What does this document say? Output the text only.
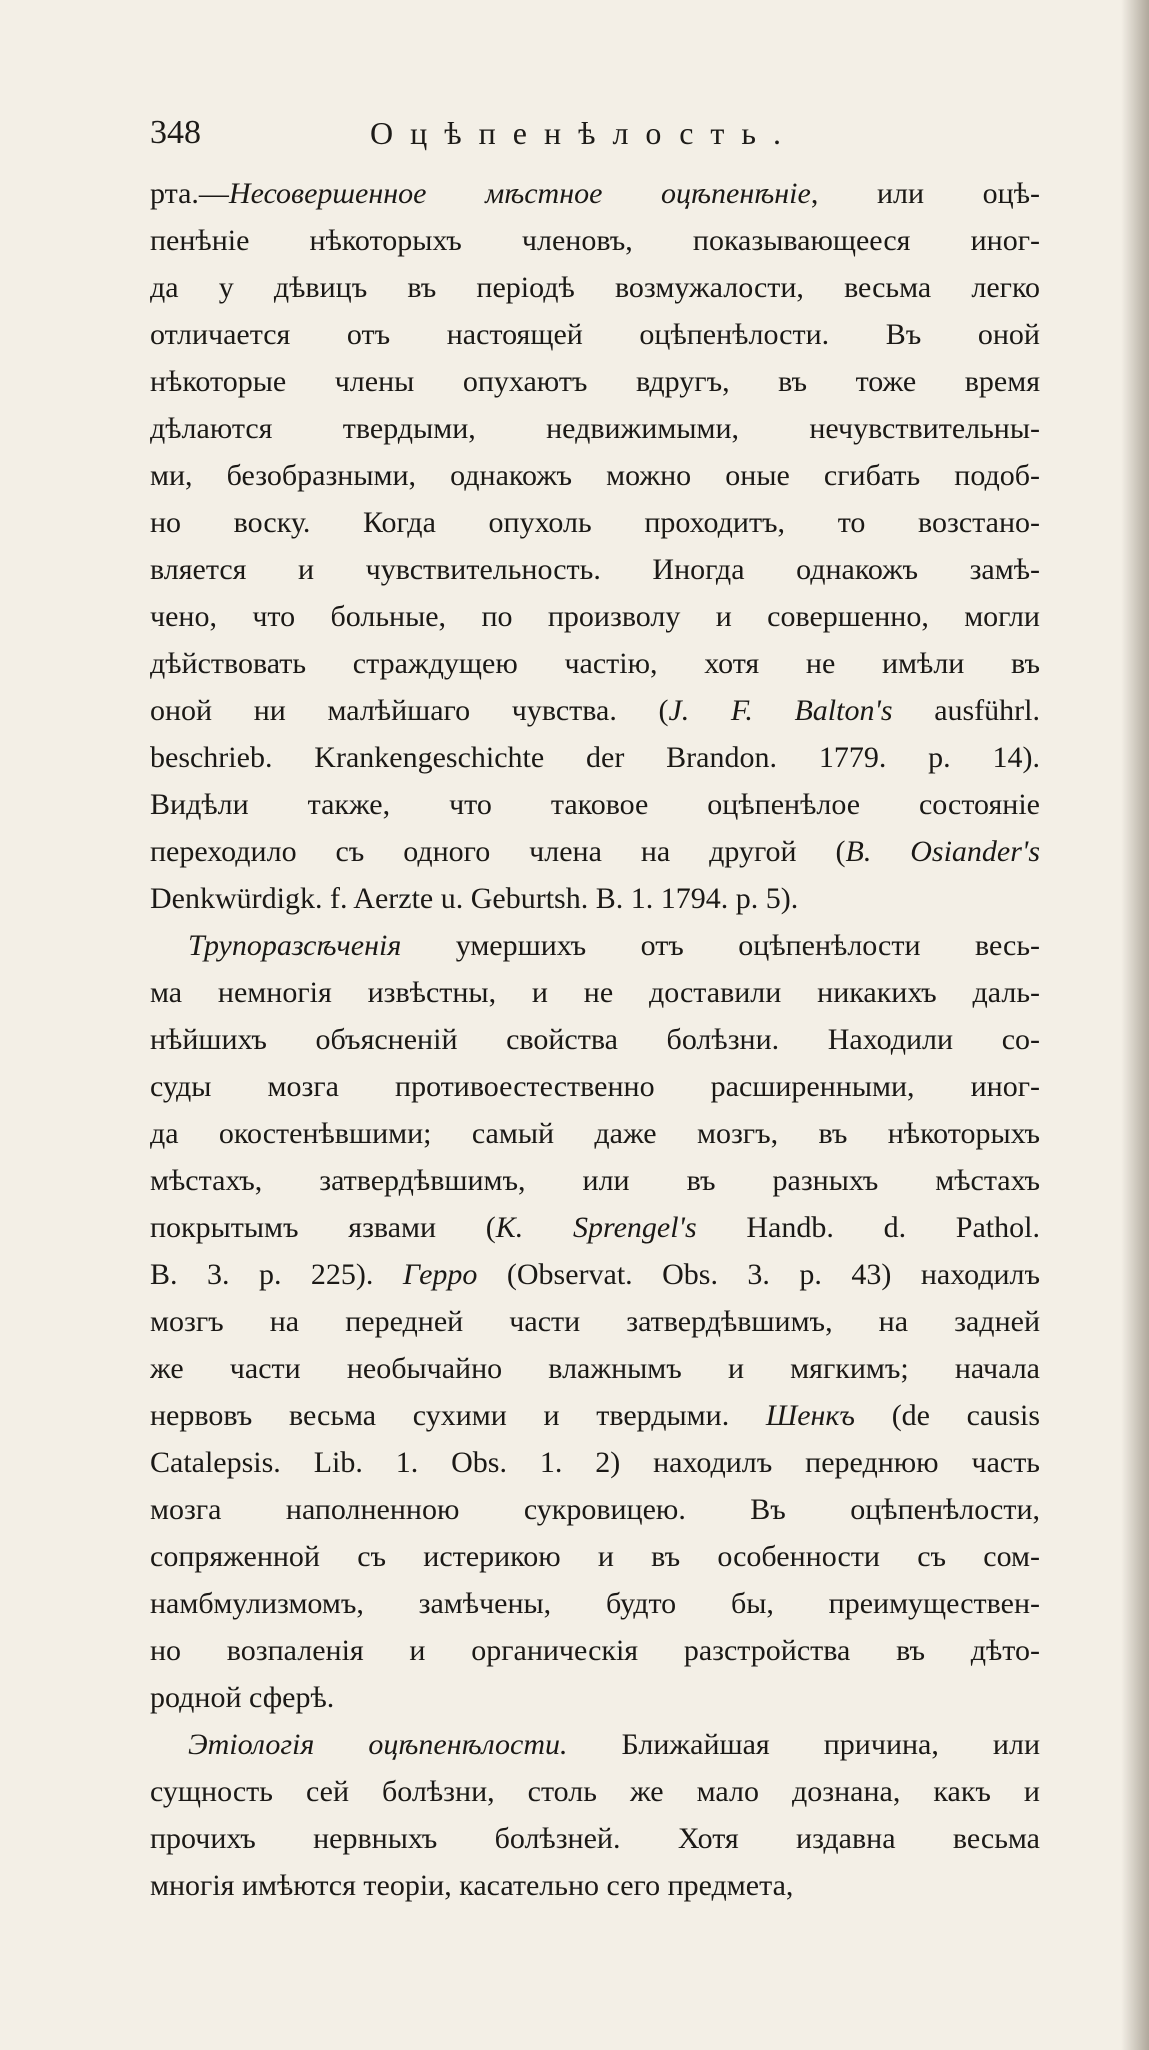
348	Оцѣпенѣлость.
рта.—Несовершенное мѣстное оцѣпенѣніе, или оцѣ-
пенѣніе нѣкоторыхъ членовъ, показывающееся иног-
да у дѣвицъ въ періодѣ возмужалости, весьма легко
отличается отъ настоящей оцѣпенѣлости. Въ оной
нѣкоторые члены опухаютъ вдругъ, въ тоже время
дѣлаются твердыми, недвижимыми, нечувствительны-
ми, безобразными, однакожъ можно оные сгибать подоб-
но воску. Когда опухоль проходитъ, то возстано-
вляется и чувствительность. Иногда однакожъ замѣ-
чено, что больные, по произволу и совершенно, могли
дѣйствовать страждущею частію, хотя не имѣли въ
оной ни малѣйшаго чувства. (J. F. Balton's ausführl.
beschrieb. Krankengeschichte der Brandon. 1779. p. 14).
Видѣли также, что таковое оцѣпенѣлое состояніе
переходило съ одного члена на другой (B. Osiander's
Denkwürdigk. f. Aerzte u. Geburtsh. B. 1. 1794. p. 5).
Трупоразсѣченія умершихъ отъ оцѣпенѣлости весь-
ма немногія извѣстны, и не доставили никакихъ даль-
нѣйшихъ объясненій свойства болѣзни. Находили со-
суды мозга противоестественно расширенными, иног-
да окостенѣвшими; самый даже мозгъ, въ нѣкоторыхъ
мѣстахъ, затвердѣвшимъ, или въ разныхъ мѣстахъ
покрытымъ язвами (K. Sprengel's Handb. d. Pathol.
B. 3. p. 225). Герро (Observat. Obs. 3. p. 43) находилъ
мозгъ на передней части затвердѣвшимъ, на задней
же части необычайно влажнымъ и мягкимъ; начала
нервовъ весьма сухими и твердыми. Шенкъ (de causis
Catalepsis. Lib. 1. Obs. 1. 2) находилъ переднюю часть
мозга наполненною сукровицею. Въ оцѣпенѣлости,
сопряженной съ истерикою и въ особенности съ сом-
намбмулизмомъ, замѣчены, будто бы, преимуществен-
но возпаленія и органическія разстройства въ дѣто-
родной сферѣ.
Этіологія оцѣпенѣлости. Ближайшая причина, или
сущность сей болѣзни, столь же мало дознана, какъ и
прочихъ нервныхъ болѣзней. Хотя издавна весьма
многія имѣются теоріи, касательно сего предмета,
